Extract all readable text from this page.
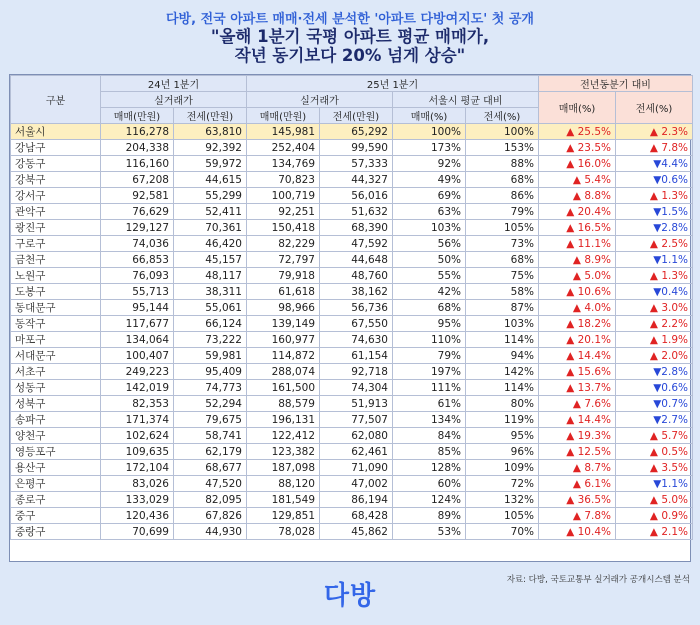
다방, 전국 아파트 매매·전세 분석한 '아파트 다방여지도' 첫 공개
"올해 1분기 국평 아파트 평균 매매가,
작년 동기보다 20% 넘게 상승"
구분	24년 1분기		25년 1분기				전년동분기 대비	
	실거래가		실거래가		서울시 평균 대비		매매(%)	전세(%)
	매매(만원)	전세(만원)	매매(만원)	전세(만원)	매매(%)	전세(%)		
서울시	116,278	63,810	145,981	65,292	100%	100%	▲ 25.5%	▲ 2.3%
강남구	204,338	92,392	252,404	99,590	173%	153%	▲ 23.5%	▲ 7.8%
강동구	116,160	59,972	134,769	57,333	92%	88%	▲ 16.0%	▼4.4%
강북구	67,208	44,615	70,823	44,327	49%	68%	▲ 5.4%	▼0.6%
강서구	92,581	55,299	100,719	56,016	69%	86%	▲ 8.8%	▲ 1.3%
관악구	76,629	52,411	92,251	51,632	63%	79%	▲ 20.4%	▼1.5%
광진구	129,127	70,361	150,418	68,390	103%	105%	▲ 16.5%	▼2.8%
구로구	74,036	46,420	82,229	47,592	56%	73%	▲ 11.1%	▲ 2.5%
금천구	66,853	45,157	72,797	44,648	50%	68%	▲ 8.9%	▼1.1%
노원구	76,093	48,117	79,918	48,760	55%	75%	▲ 5.0%	▲ 1.3%
도봉구	55,713	38,311	61,618	38,162	42%	58%	▲ 10.6%	▼0.4%
동대문구	95,144	55,061	98,966	56,736	68%	87%	▲ 4.0%	▲ 3.0%
동작구	117,677	66,124	139,149	67,550	95%	103%	▲ 18.2%	▲ 2.2%
마포구	134,064	73,222	160,977	74,630	110%	114%	▲ 20.1%	▲ 1.9%
서대문구	100,407	59,981	114,872	61,154	79%	94%	▲ 14.4%	▲ 2.0%
서초구	249,223	95,409	288,074	92,718	197%	142%	▲ 15.6%	▼2.8%
성동구	142,019	74,773	161,500	74,304	111%	114%	▲ 13.7%	▼0.6%
성북구	82,353	52,294	88,579	51,913	61%	80%	▲ 7.6%	▼0.7%
송파구	171,374	79,675	196,131	77,507	134%	119%	▲ 14.4%	▼2.7%
양천구	102,624	58,741	122,412	62,080	84%	95%	▲ 19.3%	▲ 5.7%
영등포구	109,635	62,179	123,382	62,461	85%	96%	▲ 12.5%	▲ 0.5%
용산구	172,104	68,677	187,098	71,090	128%	109%	▲ 8.7%	▲ 3.5%
은평구	83,026	47,520	88,120	47,002	60%	72%	▲ 6.1%	▼1.1%
종로구	133,029	82,095	181,549	86,194	124%	132%	▲ 36.5%	▲ 5.0%
중구	120,436	67,826	129,851	68,428	89%	105%	▲ 7.8%	▲ 0.9%
중랑구	70,699	44,930	78,028	45,862	53%	70%	▲ 10.4%	▲ 2.1%
다방
자료: 다방, 국토교통부 실거래가 공개시스템 분석
